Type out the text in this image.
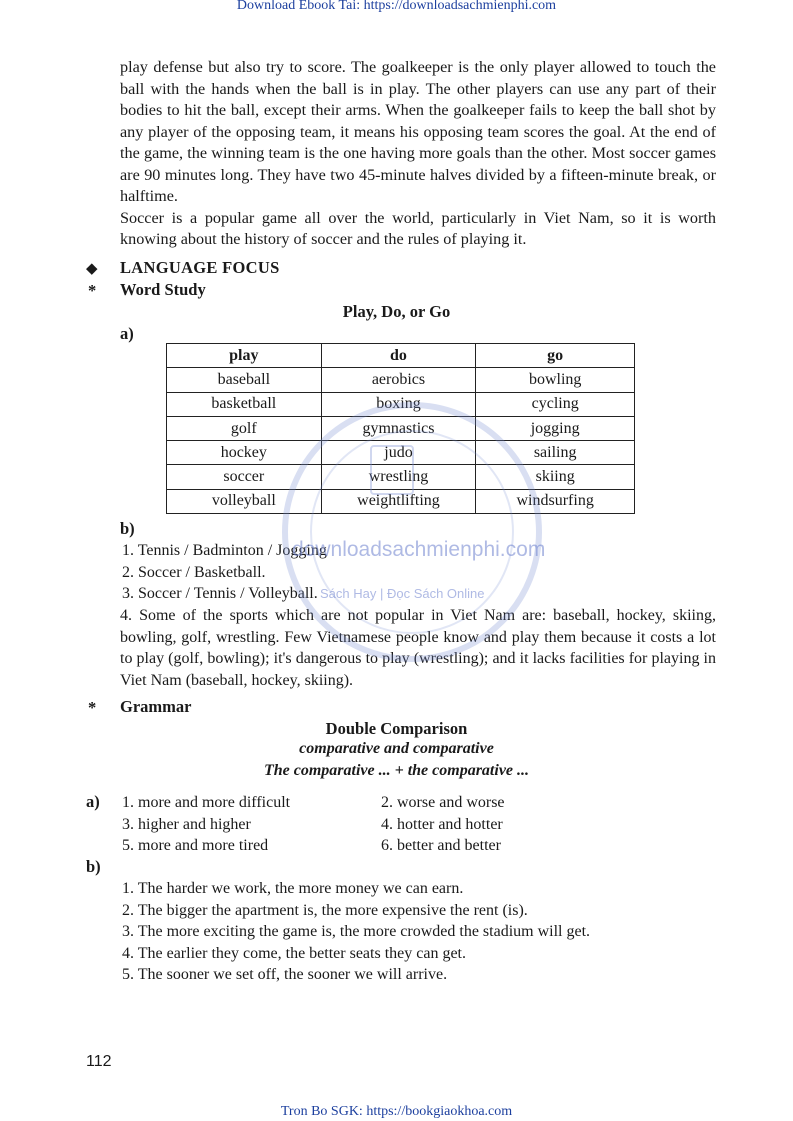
Download Ebook Tai: https://downloadsachmienphi.com

play defense but also try to score. The goalkeeper is the only player allowed to touch the ball with the hands when the ball is in play. The other players can use any part of their bodies to hit the ball, except their arms. When the goalkeeper fails to keep the ball shot by any player of the opposing team, it means his opposing team scores the goal. At the end of the game, the winning team is the one having more goals than the other. Most soccer games are 90 minutes long. They have two 45-minute halves divided by a fifteen-minute break, or halftime.

Soccer is a popular game all over the world, particularly in Viet Nam, so it is worth knowing about the history of soccer and the rules of playing it.

◆ LANGUAGE FOCUS
* Word Study
Play, Do, or Go
a)
play	do	go
baseball	aerobics	bowling
basketball	boxing	cycling
golf	gymnastics	jogging
hockey	judo	sailing
soccer	wrestling	skiing
volleyball	weightlifting	windsurfing
b)
1. Tennis / Badminton / Jogging
2. Soccer / Basketball.
3. Soccer / Tennis / Volleyball.
4. Some of the sports which are not popular in Viet Nam are: baseball, hockey, skiing, bowling, golf, wrestling. Few Vietnamese people know and play them because it costs a lot to play (golf, bowling); it's dangerous to play (wrestling); and it lacks facilities for playing in Viet Nam (baseball, hockey, skiing).
* Grammar
Double Comparison
comparative and comparative
The comparative ... + the comparative ...
a) 1. more and more difficult
3. higher and higher
5. more and more tired
2. worse and worse
4. hotter and hotter
6. better and better
b)
1. The harder we work, the more money we can earn.
2. The bigger the apartment is, the more expensive the rent (is).
3. The more exciting the game is, the more crowded the stadium will get.
4. The earlier they come, the better seats they can get.
5. The sooner we set off, the sooner we will arrive.
112
downloadsachmienphi.com
Sách Hay | Đọc Sách Online
Tron Bo SGK: https://bookgiaokhoa.com
